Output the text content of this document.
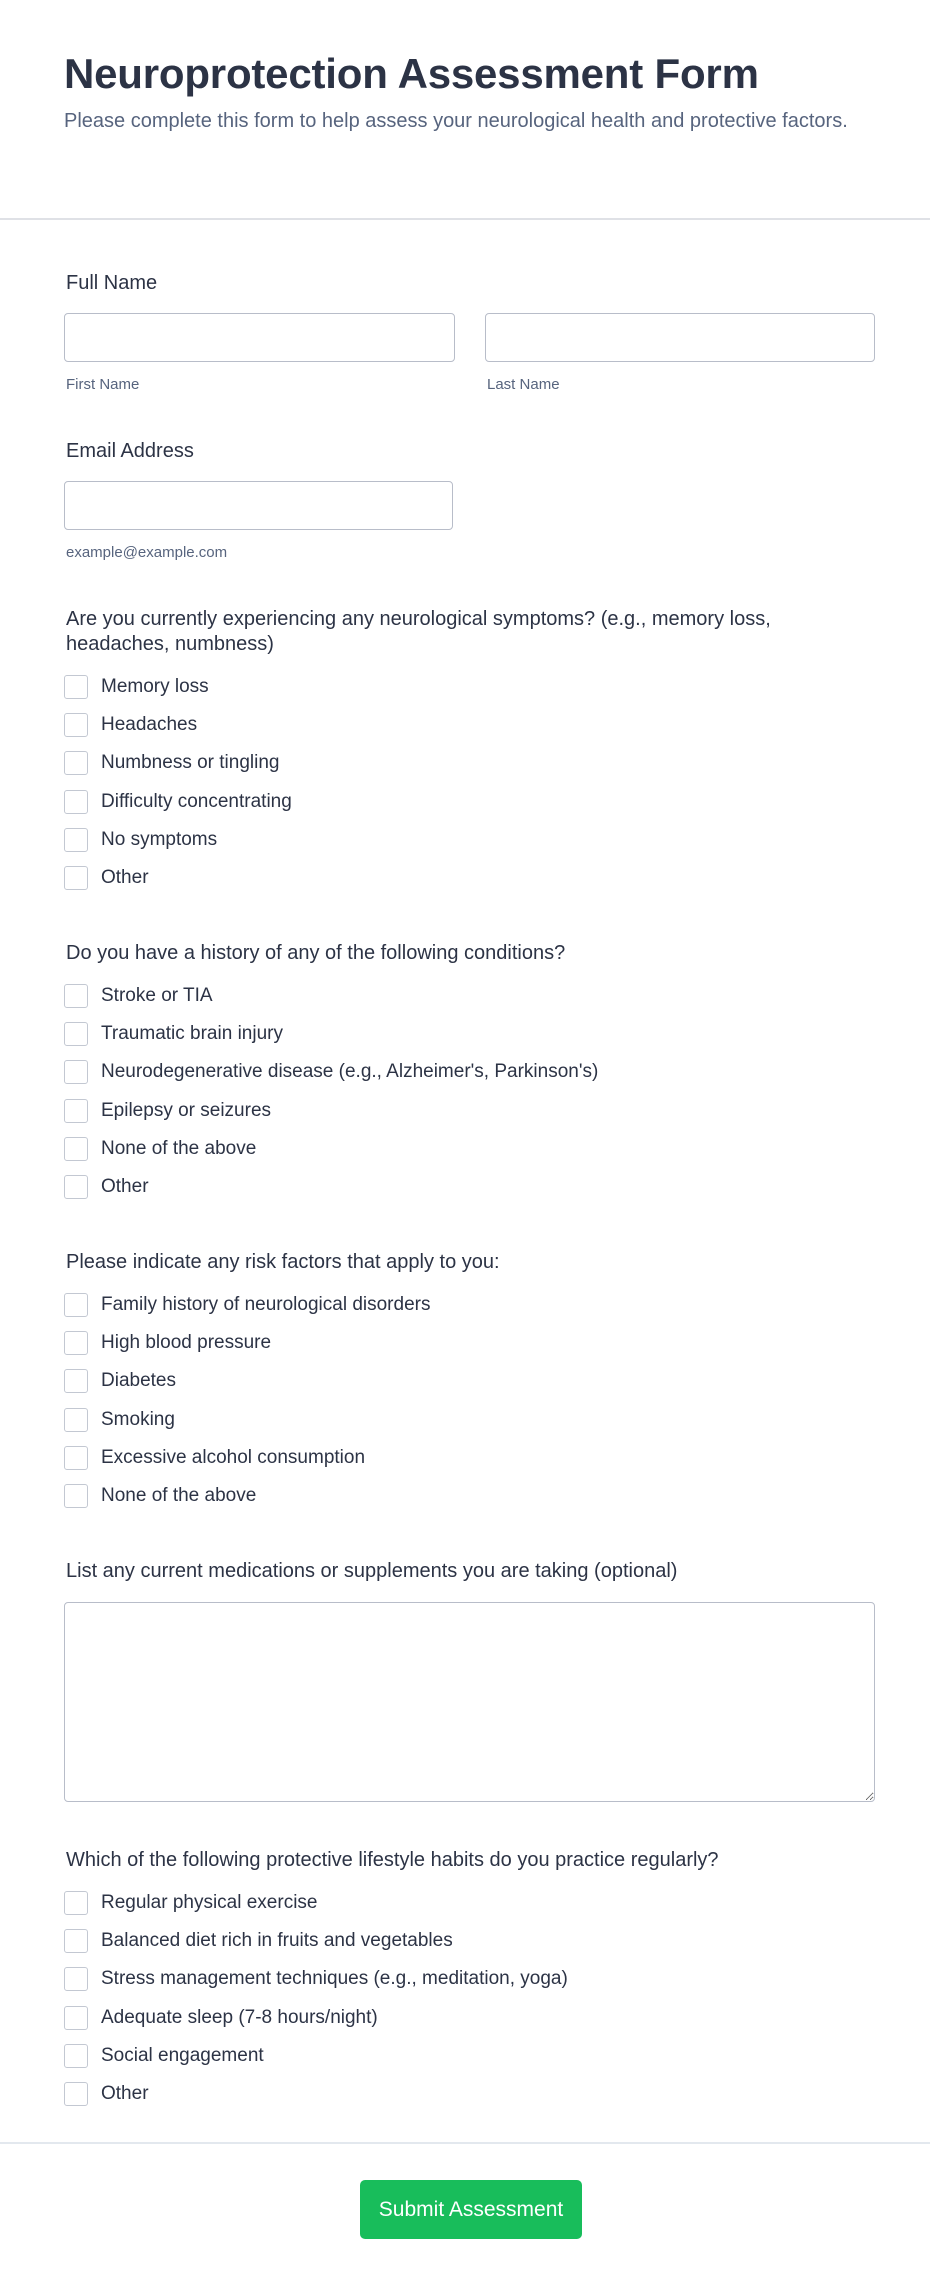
Neuroprotection Assessment Form

Please complete this form to help assess your neurological health and protective factors.

Full Name
First Name	Last Name
Email Address
example@example.com
Are you currently experiencing any neurological symptoms? (e.g., memory loss, headaches, numbness)
Memory loss
Headaches
Numbness or tingling
Difficulty concentrating
No symptoms
Other
Do you have a history of any of the following conditions?
Stroke or TIA
Traumatic brain injury
Neurodegenerative disease (e.g., Alzheimer's, Parkinson's)
Epilepsy or seizures
None of the above
Other
Please indicate any risk factors that apply to you:
Family history of neurological disorders
High blood pressure
Diabetes
Smoking
Excessive alcohol consumption
None of the above
List any current medications or supplements you are taking (optional)
Which of the following protective lifestyle habits do you practice regularly?
Regular physical exercise
Balanced diet rich in fruits and vegetables
Stress management techniques (e.g., meditation, yoga)
Adequate sleep (7-8 hours/night)
Social engagement
Other
Submit Assessment
